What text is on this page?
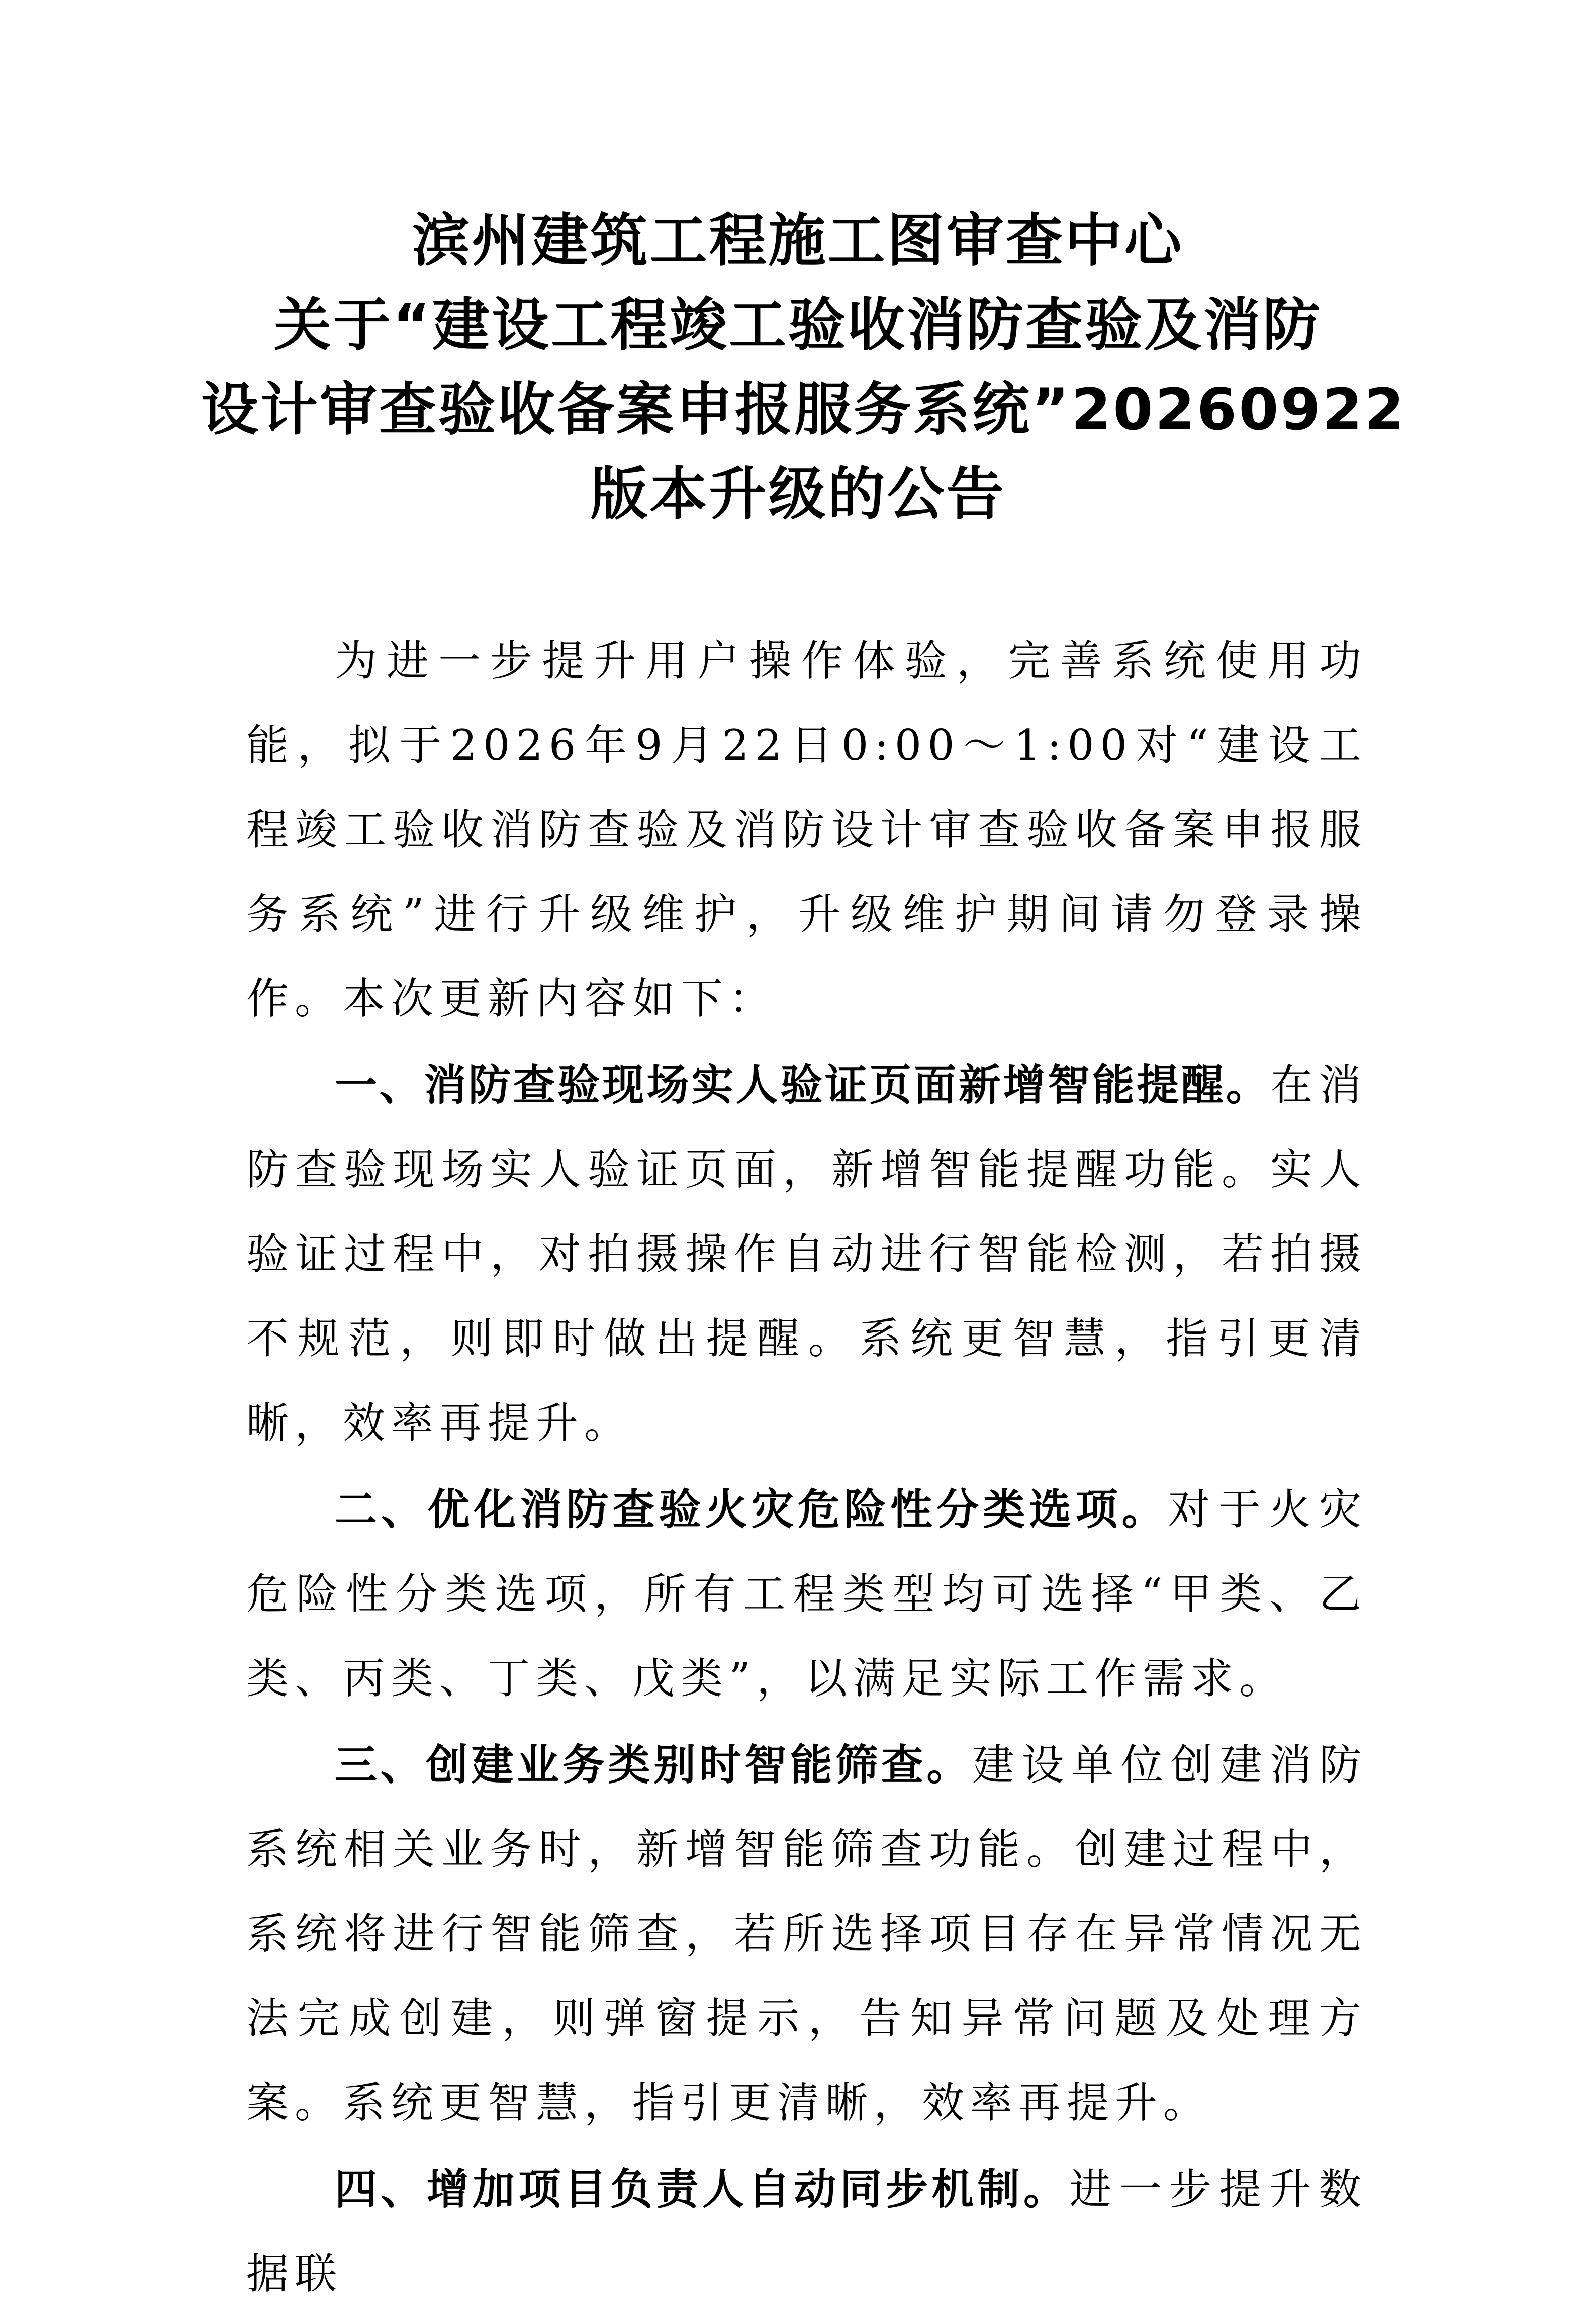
滨州建筑工程施工图审查中心
关于“建设工程竣工验收消防查验及消防
设计审查验收备案申报服务系统”20260922
版本升级的公告

为进一步提升用户操作体验，完善系统使用功能，拟于2026年9月22日0:00～1:00对“建设工程竣工验收消防查验及消防设计审查验收备案申报服务系统”进行升级维护，升级维护期间请勿登录操作。本次更新内容如下：

一、消防查验现场实人验证页面新增智能提醒。在消防查验现场实人验证页面，新增智能提醒功能。实人验证过程中，对拍摄操作自动进行智能检测，若拍摄不规范，则即时做出提醒。系统更智慧，指引更清晰，效率再提升。

二、优化消防查验火灾危险性分类选项。对于火灾危险性分类选项，所有工程类型均可选择“甲类、乙类、丙类、丁类、戊类”，以满足实际工作需求。

三、创建业务类别时智能筛查。建设单位创建消防系统相关业务时，新增智能筛查功能。创建过程中，系统将进行智能筛查，若所选择项目存在异常情况无法完成创建，则弹窗提示，告知异常问题及处理方案。系统更智慧，指引更清晰，效率再提升。

四、增加项目负责人自动同步机制。进一步提升数据联
